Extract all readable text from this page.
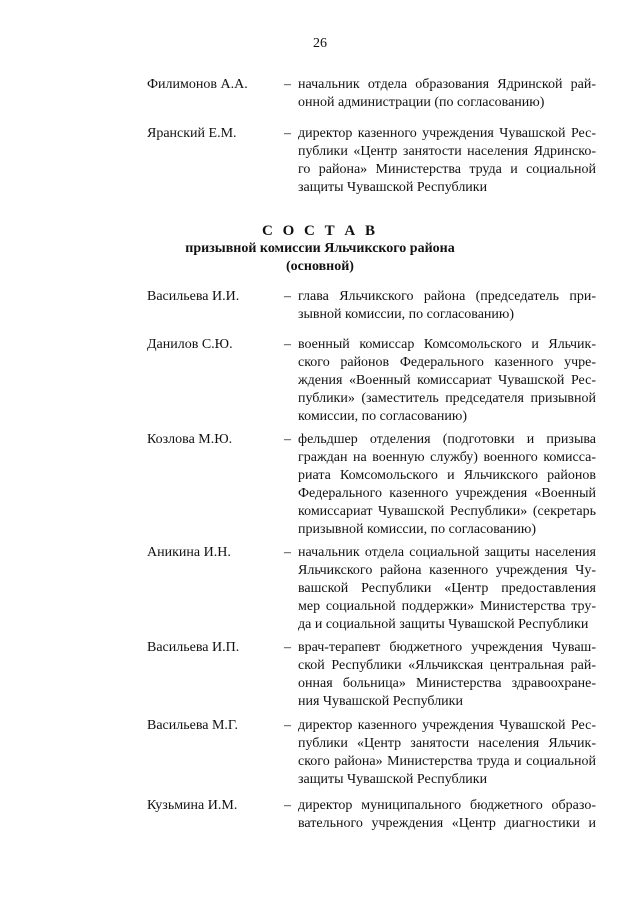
26
Филимонов А.А.	– начальник отдела образования Ядринской рай-
онной администрации (по согласованию)
Яранский Е.М.	– директор казенного учреждения Чувашской Рес-
публики «Центр занятости населения Ядринско-
го района» Министерства труда и социальной
защиты Чувашской Республики
С О С Т А В
призывной комиссии Яльчикского района
(основной)
Васильева И.И.	– глава Яльчикского района (председатель при-
зывной комиссии, по согласованию)
Данилов С.Ю.	– военный комиссар Комсомольского и Яльчик-
ского районов Федерального казенного учре-
ждения «Военный комиссариат Чувашской Рес-
публики» (заместитель председателя призывной
комиссии, по согласованию)
Козлова М.Ю.	– фельдшер отделения (подготовки и призыва
граждан на военную службу) военного комисса-
риата Комсомольского и Яльчикского районов
Федерального казенного учреждения «Военный
комиссариат Чувашской Республики» (секретарь
призывной комиссии, по согласованию)
Аникина И.Н.	– начальник отдела социальной защиты населения
Яльчикского района казенного учреждения Чу-
вашской Республики «Центр предоставления
мер социальной поддержки» Министерства тру-
да и социальной защиты Чувашской Республики
Васильева И.П.	– врач-терапевт бюджетного учреждения Чуваш-
ской Республики «Яльчикская центральная рай-
онная больница» Министерства здравоохране-
ния Чувашской Республики
Васильева М.Г.	– директор казенного учреждения Чувашской Рес-
публики «Центр занятости населения Яльчик-
ского района» Министерства труда и социальной
защиты Чувашской Республики
Кузьмина И.М.	– директор муниципального бюджетного образо-
вательного учреждения «Центр диагностики и
